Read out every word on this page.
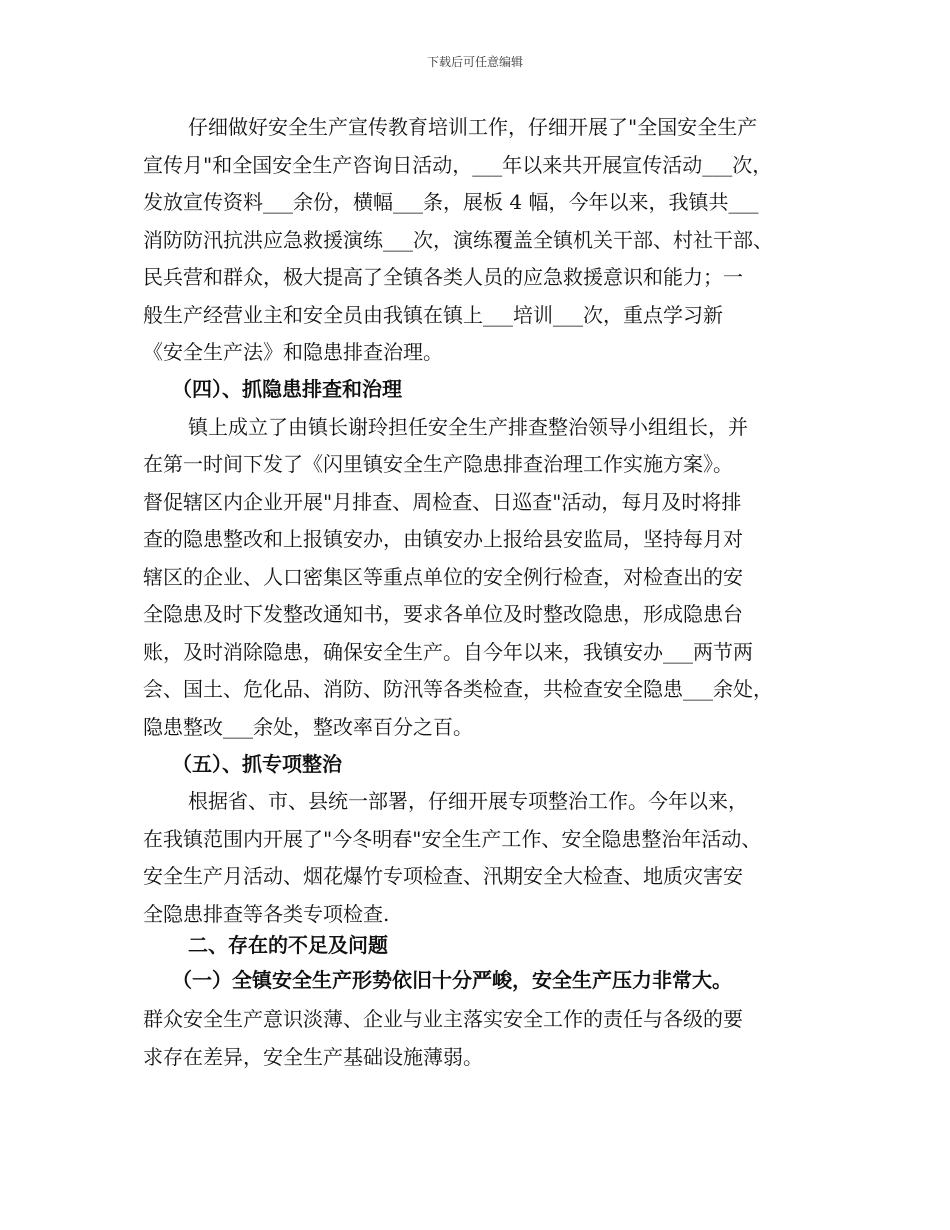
下载后可任意编辑
仔细做好安全生产宣传教育培训工作，仔细开展了"全国安全生产
宣传月"和全国安全生产咨询日活动，___年以来共开展宣传活动___次，
发放宣传资料___余份，横幅___条，展板 4 幅，今年以来，我镇共___
消防防汛抗洪应急救援演练___次，演练覆盖全镇机关干部、村社干部、
民兵营和群众，极大提高了全镇各类人员的应急救援意识和能力；一
般生产经营业主和安全员由我镇在镇上___培训___次，重点学习新
《安全生产法》和隐患排查治理。
（四）、抓隐患排查和治理
镇上成立了由镇长谢玲担任安全生产排查整治领导小组组长，并
在第一时间下发了《闪里镇安全生产隐患排查治理工作实施方案》。
督促辖区内企业开展"月排查、周检查、日巡查"活动，每月及时将排
查的隐患整改和上报镇安办，由镇安办上报给县安监局，坚持每月对
辖区的企业、人口密集区等重点单位的安全例行检查，对检查出的安
全隐患及时下发整改通知书，要求各单位及时整改隐患，形成隐患台
账，及时消除隐患，确保安全生产。自今年以来，我镇安办___两节两
会、国土、危化品、消防、防汛等各类检查，共检查安全隐患___余处，
隐患整改___余处，整改率百分之百。
（五）、抓专项整治
根据省、市、县统一部署，仔细开展专项整治工作。今年以来，
在我镇范围内开展了"今冬明春"安全生产工作、安全隐患整治年活动、
安全生产月活动、烟花爆竹专项检查、汛期安全大检查、地质灾害安
全隐患排查等各类专项检查.
二、存在的不足及问题
（一）全镇安全生产形势依旧十分严峻，安全生产压力非常大。
群众安全生产意识淡薄、企业与业主落实安全工作的责任与各级的要
求存在差异，安全生产基础设施薄弱。
